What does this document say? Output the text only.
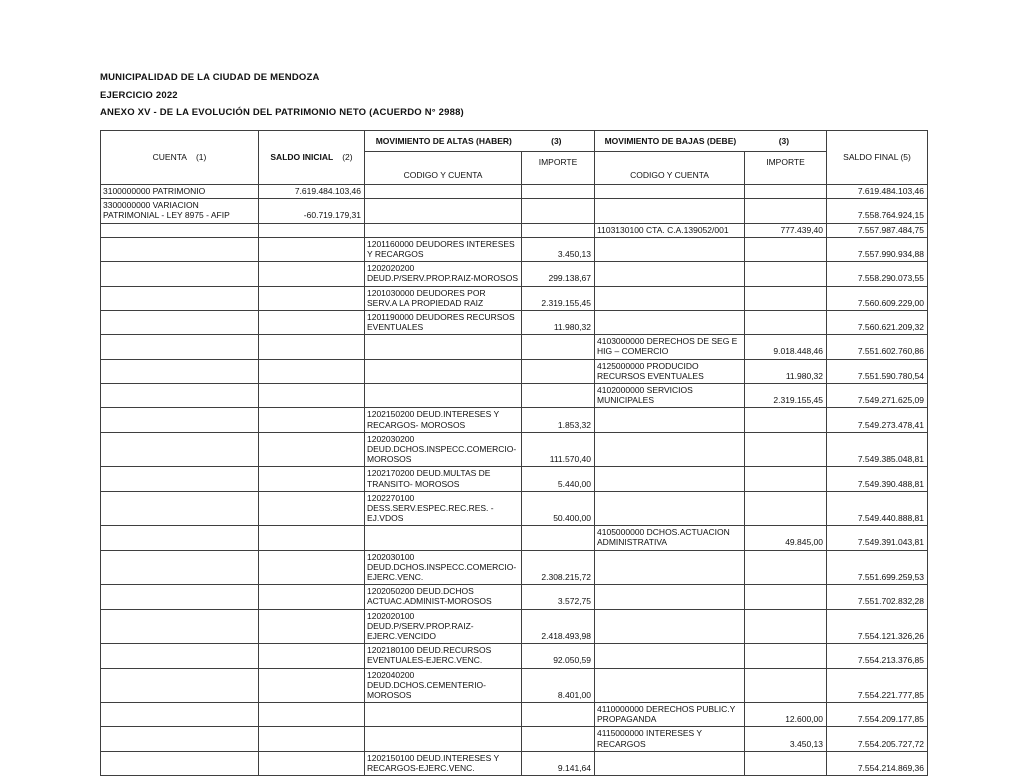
MUNICIPALIDAD DE LA CIUDAD DE MENDOZA
EJERCICIO 2022
ANEXO XV - DE LA EVOLUCIÓN DEL PATRIMONIO NETO (ACUERDO N° 2988)
CUENTA (1)	SALDO INICIAL (2)	MOVIMIENTO DE ALTAS (HABER) (3)		MOVIMIENTO DE BAJAS (DEBE) (3)		SALDO FINAL (5)
		CODIGO Y CUENTA	IMPORTE	CODIGO Y CUENTA	IMPORTE	
3100000000 PATRIMONIO	7.619.484.103,46					7.619.484.103,46
3300000000 VARIACION PATRIMONIAL - LEY 8975 - AFIP	-60.719.179,31					7.558.764.924,15
				1103130100 CTA. C.A.139052/001	777.439,40	7.557.987.484,75
		1201160000 DEUDORES INTERESES Y RECARGOS	3.450,13			7.557.990.934,88
		1202020200 DEUD.P/SERV.PROP.RAIZ-MOROSOS	299.138,67			7.558.290.073,55
		1201030000 DEUDORES POR SERV.A LA PROPIEDAD RAIZ	2.319.155,45			7.560.609.229,00
		1201190000 DEUDORES RECURSOS EVENTUALES	11.980,32			7.560.621.209,32
				4103000000 DERECHOS DE SEG E HIG – COMERCIO	9.018.448,46	7.551.602.760,86
				4125000000 PRODUCIDO RECURSOS EVENTUALES	11.980,32	7.551.590.780,54
				4102000000 SERVICIOS MUNICIPALES	2.319.155,45	7.549.271.625,09
		1202150200 DEUD.INTERESES Y RECARGOS- MOROSOS	1.853,32			7.549.273.478,41
		1202030200 DEUD.DCHOS.INSPECC.COMERCIO-MOROSOS	111.570,40			7.549.385.048,81
		1202170200 DEUD.MULTAS DE TRANSITO- MOROSOS	5.440,00			7.549.390.488,81
		1202270100 DESS.SERV.ESPEC.REC.RES. - EJ.VDOS	50.400,00			7.549.440.888,81
				4105000000 DCHOS.ACTUACION ADMINISTRATIVA	49.845,00	7.549.391.043,81
		1202030100 DEUD.DCHOS.INSPECC.COMERCIO-EJERC.VENC.	2.308.215,72			7.551.699.259,53
		1202050200 DEUD.DCHOS ACTUAC.ADMINIST-MOROSOS	3.572,75			7.551.702.832,28
		1202020100 DEUD.P/SERV.PROP.RAIZ-EJERC.VENCIDO	2.418.493,98			7.554.121.326,26
		1202180100 DEUD.RECURSOS EVENTUALES-EJERC.VENC.	92.050,59			7.554.213.376,85
		1202040200 DEUD.DCHOS.CEMENTERIO-MOROSOS	8.401,00			7.554.221.777,85
				4110000000 DERECHOS PUBLIC.Y PROPAGANDA	12.600,00	7.554.209.177,85
				4115000000 INTERESES Y RECARGOS	3.450,13	7.554.205.727,72
		1202150100 DEUD.INTERESES Y RECARGOS-EJERC.VENC.	9.141,64			7.554.214.869,36
